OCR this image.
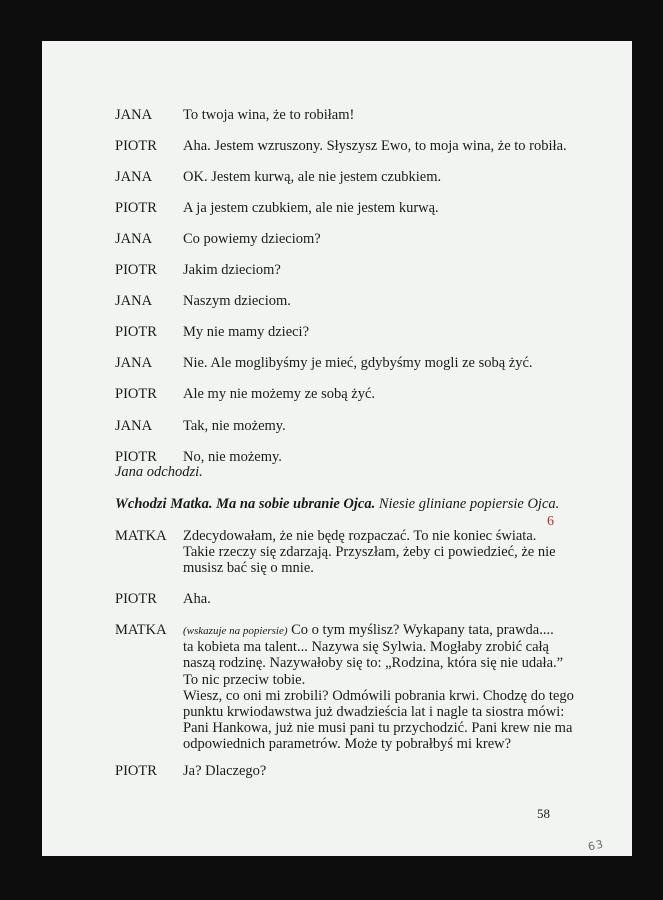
JANA To twoja wina, że to robiłam!
PIOTR Aha. Jestem wzruszony. Słyszysz Ewo, to moja wina, że to robiła.
JANA OK. Jestem kurwą, ale nie jestem czubkiem.
PIOTR A ja jestem czubkiem, ale nie jestem kurwą.
JANA Co powiemy dzieciom?
PIOTR Jakim dzieciom?
JANA Naszym dzieciom.
PIOTR My nie mamy dzieci?
JANA Nie. Ale moglibyśmy je mieć, gdybyśmy mogli ze sobą żyć.
PIOTR Ale my nie możemy ze sobą żyć.
JANA Tak, nie możemy.
PIOTR No, nie możemy.
Jana odchodzi.
Wchodzi Matka. Ma na sobie ubranie Ojca. Niesie gliniane popiersie Ojca.
6
MATKA Zdecydowałam, że nie będę rozpaczać. To nie koniec świata.
Takie rzeczy się zdarzają. Przyszłam, żeby ci powiedzieć, że nie
musisz bać się o mnie.
PIOTR Aha.
MATKA (wskazuje na popiersie) Co o tym myślisz? Wykapany tata, prawda....
ta kobieta ma talent... Nazywa się Sylwia. Mogłaby zrobić całą
naszą rodzinę. Nazywałoby się to: „Rodzina, która się nie udała.”
To nic przeciw tobie.
Wiesz, co oni mi zrobili? Odmówili pobrania krwi. Chodzę do tego
punktu krwiodawstwa już dwadzieścia lat i nagle ta siostra mówi:
Pani Hankowa, już nie musi pani tu przychodzić. Pani krew nie ma
odpowiednich parametrów. Może ty pobrałbyś mi krew?
PIOTR Ja? Dlaczego?
58
63
